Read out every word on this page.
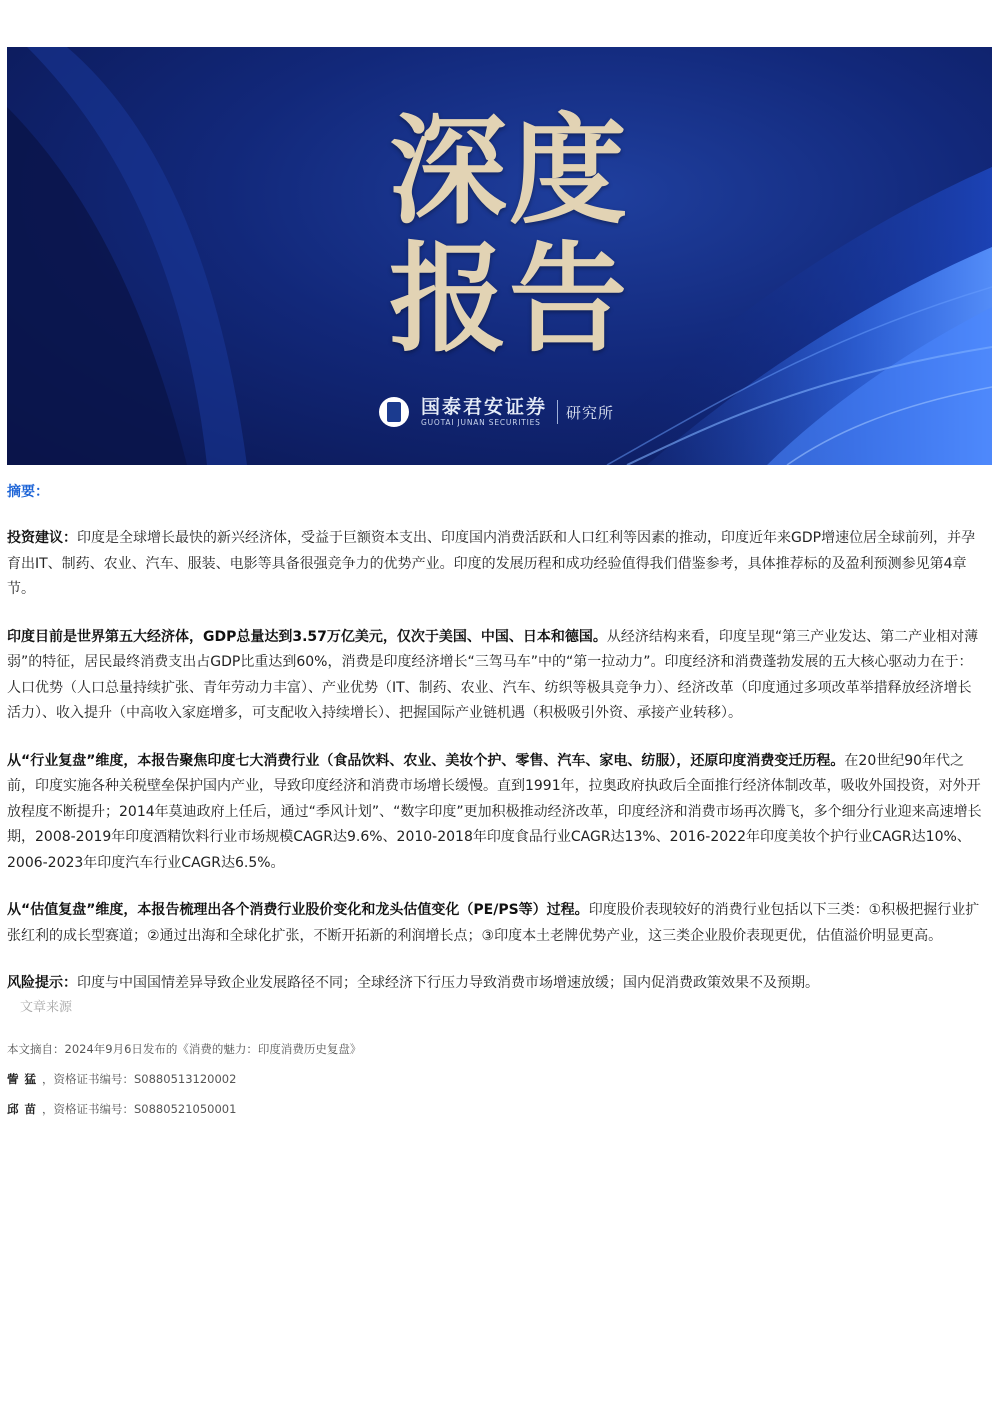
深度
报告
国泰君安证券
GUOTAI JUNAN SECURITIES
研究所

摘要：

投资建议：印度是全球增长最快的新兴经济体，受益于巨额资本支出、印度国内消费活跃和人口红利等因素的推动，印度近年来GDP增速位居全球前列，并孕育出IT、制药、农业、汽车、服装、电影等具备很强竞争力的优势产业。印度的发展历程和成功经验值得我们借鉴参考，具体推荐标的及盈利预测参见第4章节。

印度目前是世界第五大经济体，GDP总量达到3.57万亿美元，仅次于美国、中国、日本和德国。从经济结构来看，印度呈现“第三产业发达、第二产业相对薄弱”的特征，居民最终消费支出占GDP比重达到60%，消费是印度经济增长“三驾马车”中的“第一拉动力”。印度经济和消费蓬勃发展的五大核心驱动力在于：人口优势（人口总量持续扩张、青年劳动力丰富）、产业优势（IT、制药、农业、汽车、纺织等极具竞争力）、经济改革（印度通过多项改革举措释放经济增长活力）、收入提升（中高收入家庭增多，可支配收入持续增长）、把握国际产业链机遇（积极吸引外资、承接产业转移）。

从“行业复盘”维度，本报告聚焦印度七大消费行业（食品饮料、农业、美妆个护、零售、汽车、家电、纺服），还原印度消费变迁历程。在20世纪90年代之前，印度实施各种关税壁垒保护国内产业，导致印度经济和消费市场增长缓慢。直到1991年，拉奥政府执政后全面推行经济体制改革，吸收外国投资，对外开放程度不断提升；2014年莫迪政府上任后，通过“季风计划”、“数字印度”更加积极推动经济改革，印度经济和消费市场再次腾飞，多个细分行业迎来高速增长期，2008-2019年印度酒精饮料行业市场规模CAGR达9.6%、2010-2018年印度食品行业CAGR达13%、2016-2022年印度美妆个护行业CAGR达10%、2006-2023年印度汽车行业CAGR达6.5%。

从“估值复盘”维度，本报告梳理出各个消费行业股价变化和龙头估值变化（PE/PS等）过程。印度股价表现较好的消费行业包括以下三类：①积极把握行业扩张红利的成长型赛道；②通过出海和全球化扩张，不断开拓新的利润增长点；③印度本土老牌优势产业，这三类企业股价表现更优，估值溢价明显更高。

风险提示：印度与中国国情差异导致企业发展路径不同；全球经济下行压力导致消费市场增速放缓；国内促消费政策效果不及预期。

文章来源
本文摘自：2024年9月6日发布的《消费的魅力：印度消费历史复盘》
訾猛，资格证书编号：S0880513120002
邱苗，资格证书编号：S0880521050001
